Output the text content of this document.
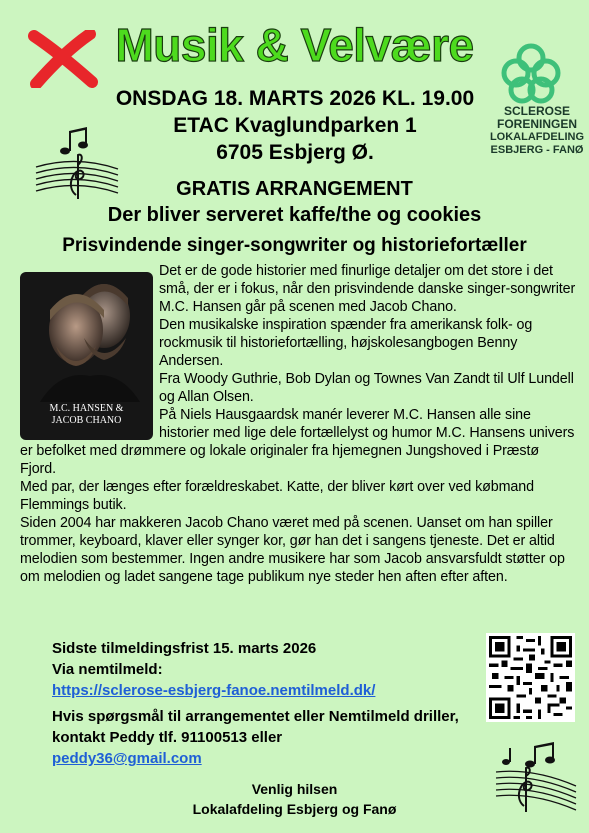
Musik & Velvære
SCLEROSE
FORENINGEN
LOKALAFDELING
ESBJERG - FANØ
ONSDAG 18. MARTS 2026 KL. 19.00
ETAC Kvaglundparken 1
6705 Esbjerg Ø.
GRATIS ARRANGEMENT
Der bliver serveret kaffe/the og cookies
Prisvindende singer-songwriter og historiefortæller

Det er de gode historier med finurlige detaljer om det store i det små, der er i fokus, når den prisvindende danske singer-songwriter M.C. Hansen går på scenen med Jacob Chano.

Den musikalske inspiration spænder fra amerikansk folk- og rockmusik til historiefortælling, højskolesangbogen Benny Andersen.

Fra Woody Guthrie, Bob Dylan og Townes Van Zandt til Ulf Lundell og Allan Olsen.

På Niels Hausgaardsk manér leverer M.C. Hansen alle sine historier med lige dele fortællelyst og humor M.C. Hansens univers er befolket med drømmere og lokale originaler fra hjemegnen Jungshoved i Præstø Fjord.

Med par, der længes efter forældreskabet. Katte, der bliver kørt over ved købmand Flemmings butik.

Siden 2004 har makkeren Jacob Chano været med på scenen. Uanset om han spiller trommer, keyboard, klaver eller synger kor, gør han det i sangens tjeneste. Det er altid melodien som bestemmer. Ingen andre musikere har som Jacob ansvarsfuldt støtter op om melodien og ladet sangene tage publikum nye steder hen aften efter aften.

M.C. HANSEN &
JACOB CHANO
Sidste tilmeldingsfrist 15. marts 2026
Via nemtilmeld:
https://sclerose-esbjerg-fanoe.nemtilmeld.dk/
Hvis spørgsmål til arrangementet eller Nemtilmeld driller, kontakt Peddy tlf. 91100513 eller
peddy36@gmail.com
Venlig hilsen
Lokalafdeling Esbjerg og Fanø
